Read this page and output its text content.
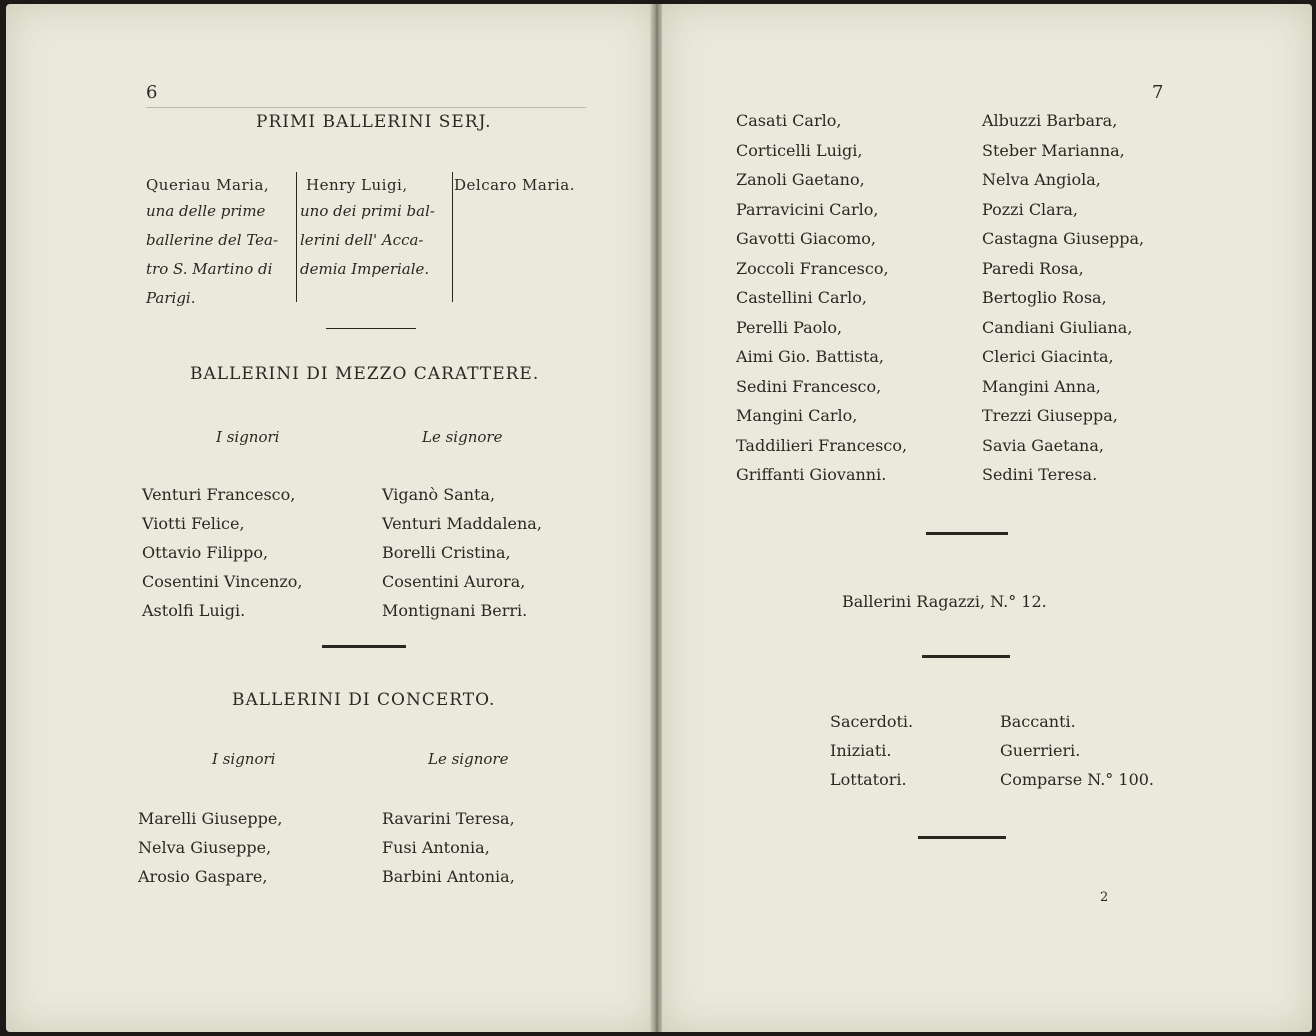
6
PRIMI BALLERINI SERJ.
Queriau Maria,
una delle prime
ballerine del Tea-
tro S. Martino di
Parigi.
Henry Luigi,
uno dei primi bal-
lerini dell' Acca-
demia Imperiale.
Delcaro Maria.
BALLERINI DI MEZZO CARATTERE.
I signori	Le signore
Venturi Francesco,
Viotti Felice,
Ottavio Filippo,
Cosentini Vincenzo,
Astolfi Luigi.
Viganò Santa,
Venturi Maddalena,
Borelli Cristina,
Cosentini Aurora,
Montignani Berri.
BALLERINI DI CONCERTO.
I signori	Le signore
Marelli Giuseppe,
Nelva Giuseppe,
Arosio Gaspare,
Ravarini Teresa,
Fusi Antonia,
Barbini Antonia,
7
Casati Carlo,
Corticelli Luigi,
Zanoli Gaetano,
Parravicini Carlo,
Gavotti Giacomo,
Zoccoli Francesco,
Castellini Carlo,
Perelli Paolo,
Aimi Gio. Battista,
Sedini Francesco,
Mangini Carlo,
Taddilieri Francesco,
Griffanti Giovanni.
Albuzzi Barbara,
Steber Marianna,
Nelva Angiola,
Pozzi Clara,
Castagna Giuseppa,
Paredi Rosa,
Bertoglio Rosa,
Candiani Giuliana,
Clerici Giacinta,
Mangini Anna,
Trezzi Giuseppa,
Savia Gaetana,
Sedini Teresa.
Ballerini Ragazzi, N.° 12.
Sacerdoti.
Iniziati.
Lottatori.
Baccanti.
Guerrieri.
Comparse N.° 100.
2
